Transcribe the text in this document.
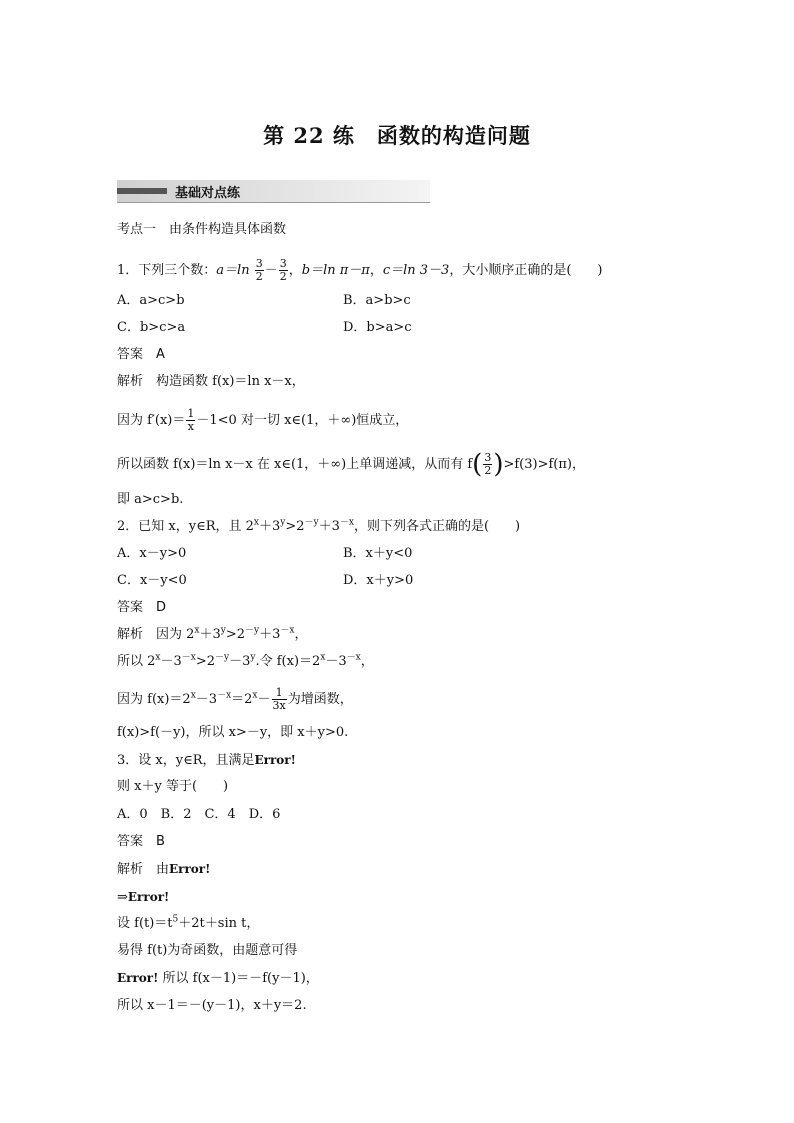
第 22 练　函数的构造问题
基础对点练
考点一　由条件构造具体函数
1．下列三个数：$a=\ln \frac{3}{2} - \frac{3}{2}$ ，b＝ln π－π，c＝ln 3－3，大小顺序正确的是(　　)
A．a>c>b	B．a>b>c
C．b>c>a	D．b>a>c
答案　A
解析　构造函数 f(x)＝ln x－x，
因为 $f'(x)= \frac{1}{x} -1<0$ 对一切 x∈(1，＋∞)恒成立，
所以函数 f(x)＝ln x－x 在 x∈(1，＋∞)上单调递减，从而有 $f( \frac{3}{2} )>f(3)>f(\pi)$，
即 a>c>b.
2．已知 x，y∈R，且 $2^x+3^y>2^{-y}+3^{-x}$，则下列各式正确的是(　　)
A．x－y>0	B．x＋y<0
C．x－y<0	D．x＋y>0
答案　D
解析　因为 $2^x+3^y>2^{-y}+3^{-x}$，
所以 $2^x-3^{-x}>2^{-y}-3^y$.令 $f(x)=2^x-3^{-x}$，
因为 $f(x)=2^x-3^{-x}=2^x- \frac{1}{3x}$ 为增函数，
f(x)>f(－y)，所以 x>－y，即 x＋y>0.
3．设 x，y∈R，且满足Error!
则 x＋y 等于(　　)
A．0　B．2　C．4　D．6
答案　B
解析　由Error!
⇒Error!
设 $f(t)=t^5+2t+\sin$ t，
易得 f(t)为奇函数，由题意可得
Error! 所以 f(x－1)＝－f(y－1)，
所以 x－1＝－(y－1)，x＋y＝2.
